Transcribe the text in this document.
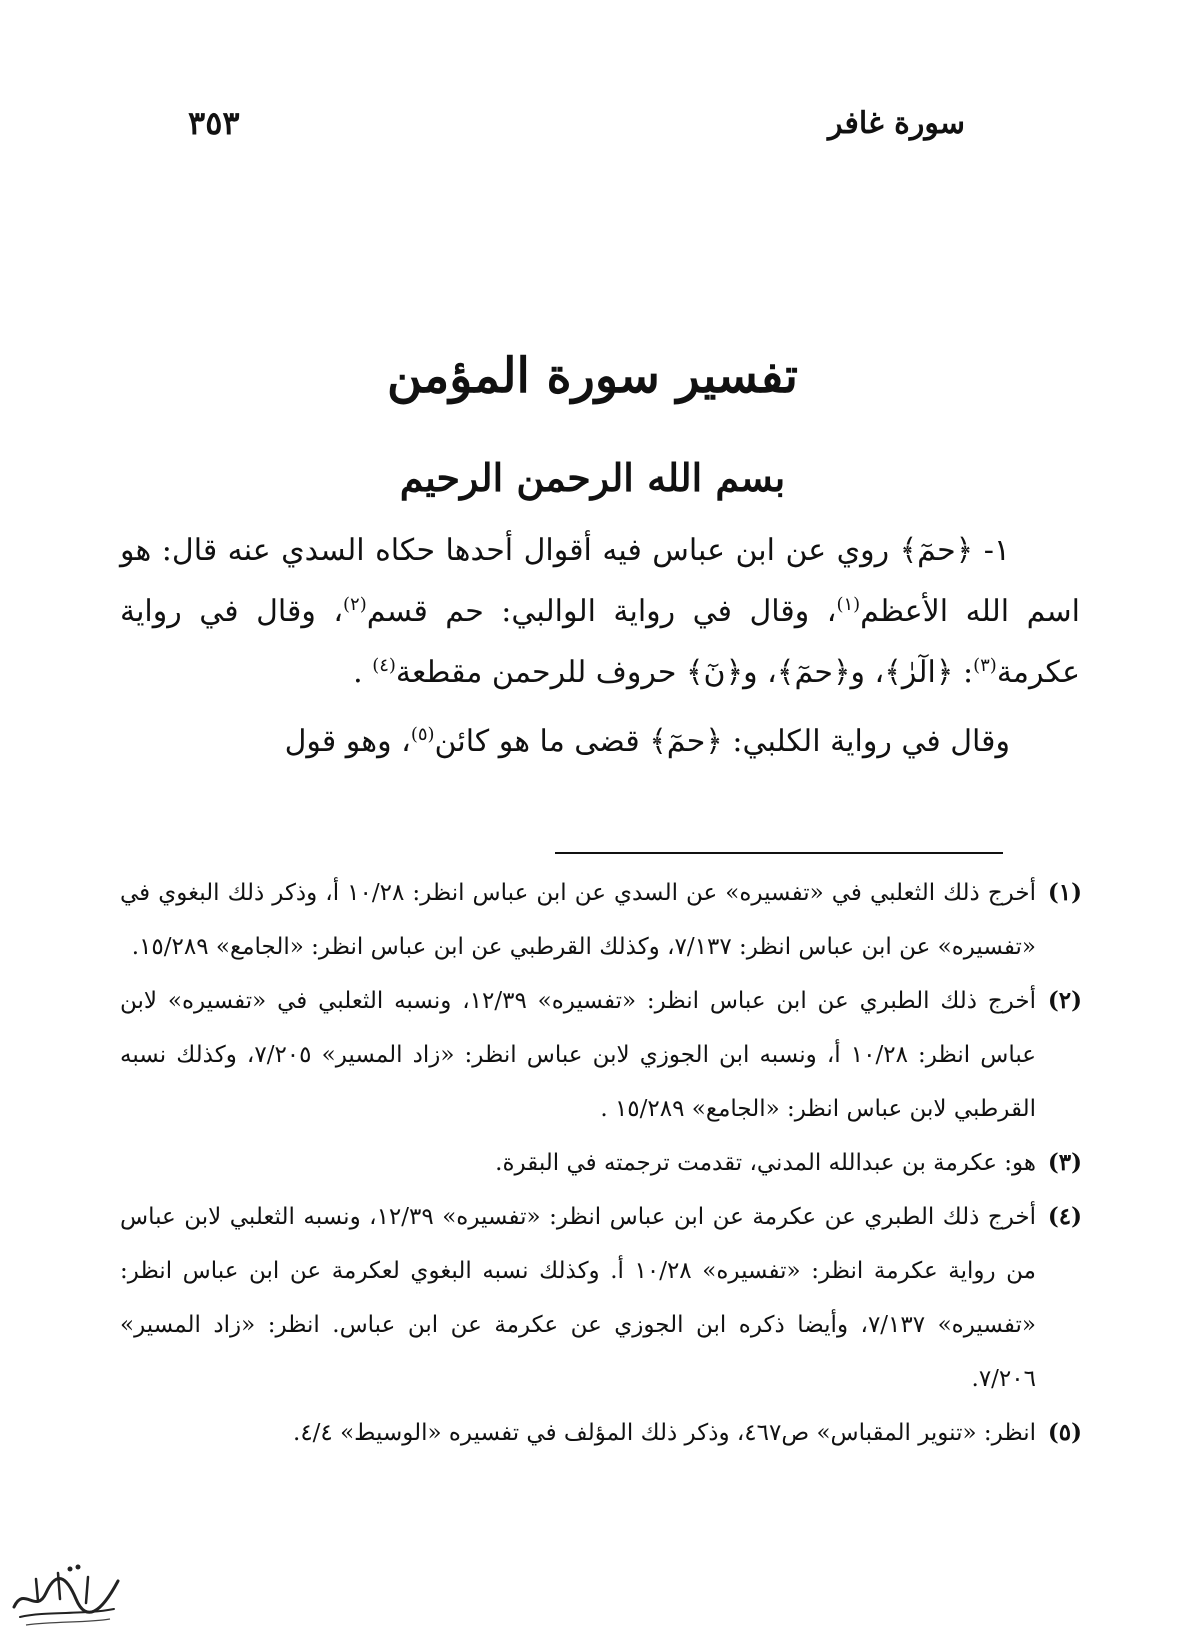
سورة غافر
٣٥٣
تفسير سورة المؤمن
بسم الله الرحمن الرحيم

١- ﴿حمٓ﴾ روي عن ابن عباس فيه أقوال أحدها حكاه السدي عنه قال: هو اسم الله الأعظم$^{(١)}$، وقال في رواية الوالبي: حم قسم$^{(٢)}$، وقال في رواية عكرمة$^{(٣)}$: ﴿الٓرٰ﴾، و﴿حمٓ﴾، و﴿نٓ﴾ حروف للرحمن مقطعة$^{(٤)}$ .

وقال في رواية الكلبي: ﴿حمٓ﴾ قضى ما هو كائن$^{(٥)}$، وهو قول

(١)أخرج ذلك الثعلبي في «تفسيره» عن السدي عن ابن عباس انظر: ١٠/٢٨ أ، وذكر ذلك البغوي في «تفسيره» عن ابن عباس انظر: ٧/١٣٧، وكذلك القرطبي عن ابن عباس انظر: «الجامع» ١٥/٢٨٩.

(٢)أخرج ذلك الطبري عن ابن عباس انظر: «تفسيره» ١٢/٣٩، ونسبه الثعلبي في «تفسيره» لابن عباس انظر: ١٠/٢٨ أ، ونسبه ابن الجوزي لابن عباس انظر: «زاد المسير» ٧/٢٠٥، وكذلك نسبه القرطبي لابن عباس انظر: «الجامع» ١٥/٢٨٩ .

(٣)هو: عكرمة بن عبدالله المدني، تقدمت ترجمته في البقرة.

(٤)أخرج ذلك الطبري عن عكرمة عن ابن عباس انظر: «تفسيره» ١٢/٣٩، ونسبه الثعلبي لابن عباس من رواية عكرمة انظر: «تفسيره» ١٠/٢٨ أ. وكذلك نسبه البغوي لعكرمة عن ابن عباس انظر: «تفسيره» ٧/١٣٧، وأيضا ذكره ابن الجوزي عن عكرمة عن ابن عباس. انظر: «زاد المسير» ٧/٢٠٦.

(٥)انظر: «تنوير المقباس» ص٤٦٧، وذكر ذلك المؤلف في تفسيره «الوسيط» ٤/٤.
